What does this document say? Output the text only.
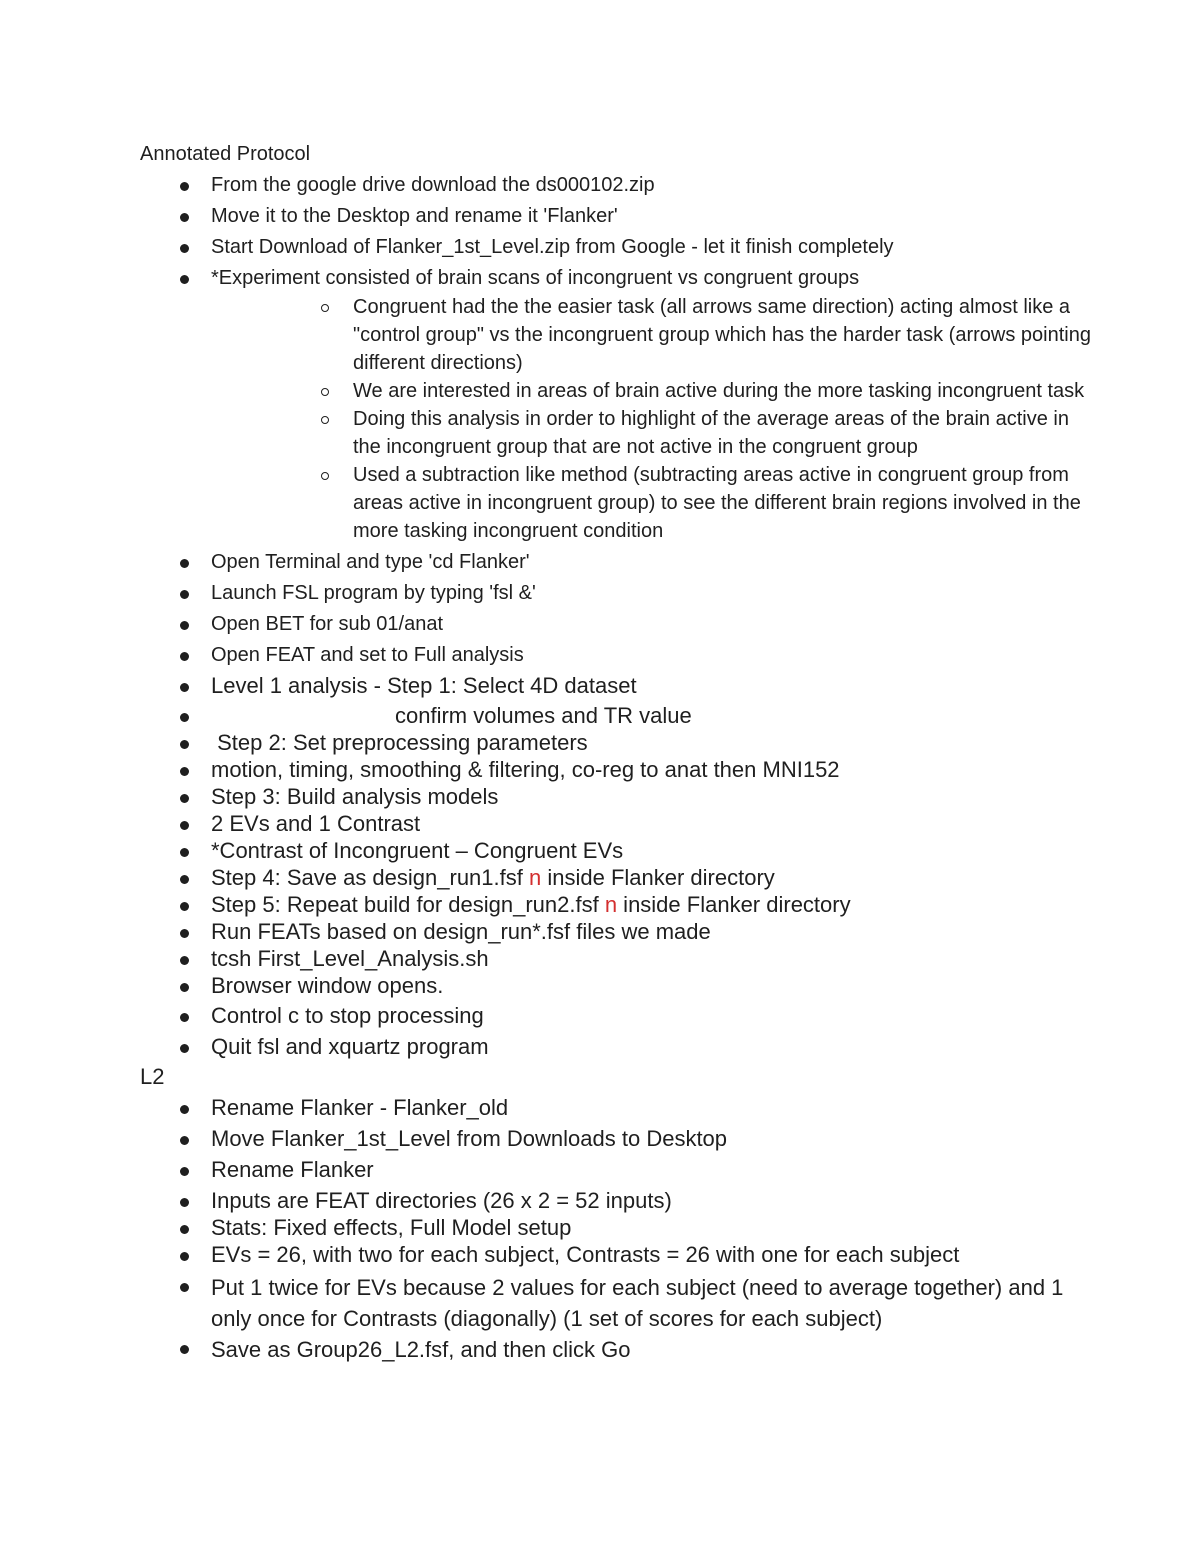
Annotated Protocol
From the google drive download the ds000102.zip
Move it to the Desktop and rename it 'Flanker'
Start Download of Flanker_1st_Level.zip from Google - let it finish completely
*Experiment consisted of brain scans of incongruent vs congruent groups
Congruent had the the easier task (all arrows same direction) acting almost like a "control group" vs the incongruent group which has the harder task (arrows pointing different directions)
We are interested in areas of brain active during the more tasking incongruent task
Doing this analysis in order to highlight of the average areas of the brain active in the incongruent group that are not active in the congruent group
Used a subtraction like method (subtracting areas active in congruent group from areas active in incongruent group) to see the different brain regions involved in the more tasking incongruent condition
Open Terminal and type 'cd Flanker'
Launch FSL program by typing 'fsl &'
Open BET for sub 01/anat
Open FEAT and set to Full analysis
Level 1 analysis - Step 1: Select 4D dataset
confirm volumes and TR value
Step 2: Set preprocessing parameters
motion, timing, smoothing & filtering, co-reg to anat then MNI152
Step 3: Build analysis models
2 EVs and 1 Contrast
*Contrast of Incongruent – Congruent EVs
Step 4: Save as design_run1.fsf n inside Flanker directory
Step 5: Repeat build for design_run2.fsf n inside Flanker directory
Run FEATs based on design_run*.fsf files we made
tcsh First_Level_Analysis.sh
Browser window opens.
Control c to stop processing
Quit fsl and xquartz program
L2
Rename Flanker - Flanker_old
Move Flanker_1st_Level from Downloads to Desktop
Rename Flanker
Inputs are FEAT directories (26 x 2 = 52 inputs)
Stats: Fixed effects, Full Model setup
EVs = 26, with two for each subject, Contrasts = 26 with one for each subject
Put 1 twice for EVs because 2 values for each subject (need to average together) and 1 only once for Contrasts (diagonally) (1 set of scores for each subject)
Save as Group26_L2.fsf, and then click Go
